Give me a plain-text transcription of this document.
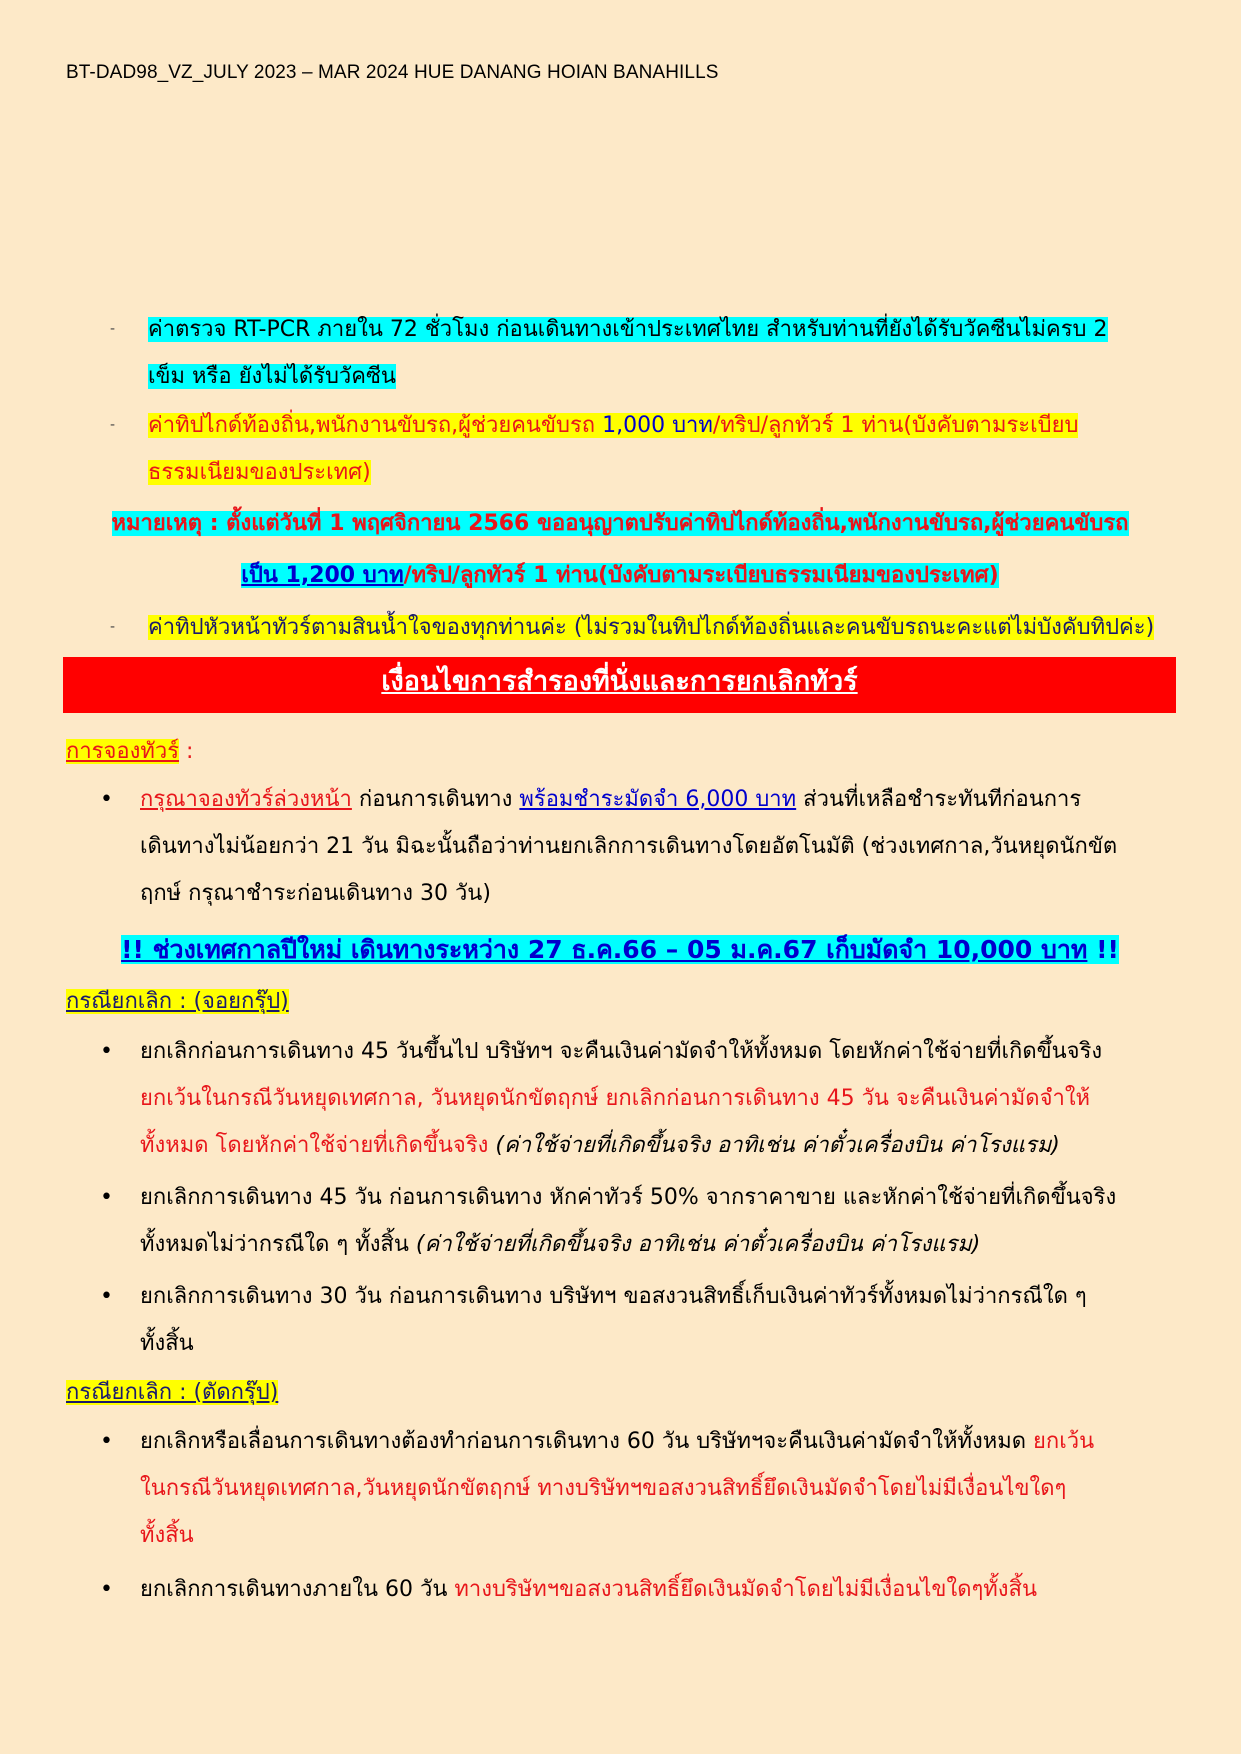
BT-DAD98_VZ_JULY 2023 – MAR 2024 HUE DANANG HOIAN BANAHILLS
-	ค่าตรวจ RT-PCR ภายใน 72 ชั่วโมง ก่อนเดินทางเข้าประเทศไทย สำหรับท่านที่ยังได้รับวัคซีนไม่ครบ 2
เข็ม หรือ ยังไม่ได้รับวัคซีน
-	ค่าทิปไกด์ท้องถิ่น,พนักงานขับรถ,ผู้ช่วยคนขับรถ 1,000 บาท/ทริป/ลูกทัวร์ 1 ท่าน(บังคับตามระเบียบ
ธรรมเนียมของประเทศ)
หมายเหตุ : ตั้งแต่วันที่ 1 พฤศจิกายน 2566 ขออนุญาตปรับค่าทิปไกด์ท้องถิ่น,พนักงานขับรถ,ผู้ช่วยคนขับรถ
เป็น 1,200 บาท/ทริป/ลูกทัวร์ 1 ท่าน(บังคับตามระเบียบธรรมเนียมของประเทศ)
-	ค่าทิปหัวหน้าทัวร์ตามสินน้ำใจของทุกท่านค่ะ (ไม่รวมในทิปไกด์ท้องถิ่นและคนขับรถนะคะแต่ไม่บังคับทิปค่ะ)
เงื่อนไขการสำรองที่นั่งและการยกเลิกทัวร์
การจองทัวร์ :
•	กรุณาจองทัวร์ล่วงหน้า ก่อนการเดินทาง พร้อมชำระมัดจำ 6,000 บาท ส่วนที่เหลือชำระทันทีก่อนการ
เดินทางไม่น้อยกว่า 21 วัน มิฉะนั้นถือว่าท่านยกเลิกการเดินทางโดยอัตโนมัติ (ช่วงเทศกาล,วันหยุดนักขัต
ฤกษ์ กรุณาชำระก่อนเดินทาง 30 วัน)
!! ช่วงเทศกาลปีใหม่ เดินทางระหว่าง 27 ธ.ค.66 – 05 ม.ค.67 เก็บมัดจำ 10,000 บาท !!
กรณียกเลิก : (จอยกรุ๊ป)
•	ยกเลิกก่อนการเดินทาง 45 วันขึ้นไป บริษัทฯ จะคืนเงินค่ามัดจำให้ทั้งหมด โดยหักค่าใช้จ่ายที่เกิดขึ้นจริง
ยกเว้นในกรณีวันหยุดเทศกาล, วันหยุดนักขัตฤกษ์ ยกเลิกก่อนการเดินทาง 45 วัน จะคืนเงินค่ามัดจำให้
ทั้งหมด โดยหักค่าใช้จ่ายที่เกิดขึ้นจริง (ค่าใช้จ่ายที่เกิดขึ้นจริง อาทิเช่น ค่าตั๋วเครื่องบิน ค่าโรงแรม)
•	ยกเลิกการเดินทาง 45 วัน ก่อนการเดินทาง หักค่าทัวร์ 50% จากราคาขาย และหักค่าใช้จ่ายที่เกิดขึ้นจริง
ทั้งหมดไม่ว่ากรณีใด ๆ ทั้งสิ้น (ค่าใช้จ่ายที่เกิดขึ้นจริง อาทิเช่น ค่าตั๋วเครื่องบิน ค่าโรงแรม)
•	ยกเลิกการเดินทาง 30 วัน ก่อนการเดินทาง บริษัทฯ ขอสงวนสิทธิ์เก็บเงินค่าทัวร์ทั้งหมดไม่ว่ากรณีใด ๆ
ทั้งสิ้น
กรณียกเลิก : (ตัดกรุ๊ป)
•	ยกเลิกหรือเลื่อนการเดินทางต้องทำก่อนการเดินทาง 60 วัน บริษัทฯจะคืนเงินค่ามัดจำให้ทั้งหมด ยกเว้น
ในกรณีวันหยุดเทศกาล,วันหยุดนักขัตฤกษ์ ทางบริษัทฯขอสงวนสิทธิ์ยึดเงินมัดจำโดยไม่มีเงื่อนไขใดๆ
ทั้งสิ้น
•	ยกเลิกการเดินทางภายใน 60 วัน ทางบริษัทฯขอสงวนสิทธิ์ยึดเงินมัดจำโดยไม่มีเงื่อนไขใดๆทั้งสิ้น
